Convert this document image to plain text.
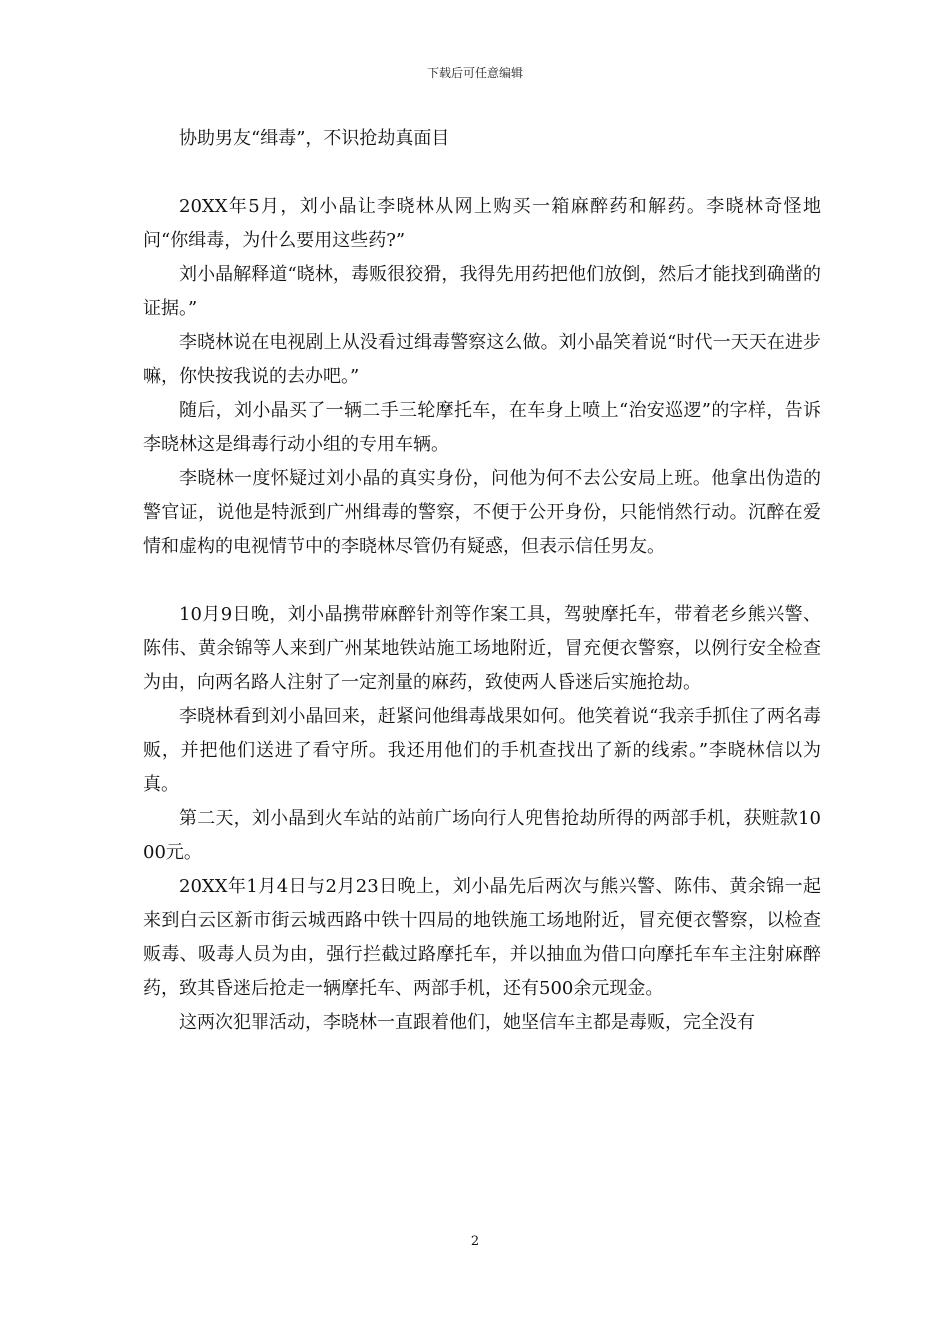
下载后可任意编辑

协助男友“缉毒”，不识抢劫真面目

20XX年5月，刘小晶让李晓林从网上购买一箱麻醉药和解药。李晓林奇怪地问“你缉毒，为什么要用这些药?”

刘小晶解释道“晓林，毒贩很狡猾，我得先用药把他们放倒，然后才能找到确凿的证据。”

李晓林说在电视剧上从没看过缉毒警察这么做。刘小晶笑着说“时代一天天在进步嘛，你快按我说的去办吧。”

随后，刘小晶买了一辆二手三轮摩托车，在车身上喷上“治安巡逻”的字样，告诉李晓林这是缉毒行动小组的专用车辆。

李晓林一度怀疑过刘小晶的真实身份，问他为何不去公安局上班。他拿出伪造的警官证，说他是特派到广州缉毒的警察，不便于公开身份，只能悄然行动。沉醉在爱情和虚构的电视情节中的李晓林尽管仍有疑惑，但表示信任男友。

10月9日晚，刘小晶携带麻醉针剂等作案工具，驾驶摩托车，带着老乡熊兴警、陈伟、黄余锦等人来到广州某地铁站施工场地附近，冒充便衣警察，以例行安全检查为由，向两名路人注射了一定剂量的麻药，致使两人昏迷后实施抢劫。

李晓林看到刘小晶回来，赶紧问他缉毒战果如何。他笑着说“我亲手抓住了两名毒贩，并把他们送进了看守所。我还用他们的手机查找出了新的线索。”李晓林信以为真。

第二天，刘小晶到火车站的站前广场向行人兜售抢劫所得的两部手机，获赃款1000元。

20XX年1月4日与2月23日晚上，刘小晶先后两次与熊兴警、陈伟、黄余锦一起来到白云区新市街云城西路中铁十四局的地铁施工场地附近，冒充便衣警察，以检查贩毒、吸毒人员为由，强行拦截过路摩托车，并以抽血为借口向摩托车车主注射麻醉药，致其昏迷后抢走一辆摩托车、两部手机，还有500余元现金。

这两次犯罪活动，李晓林一直跟着他们，她坚信车主都是毒贩，完全没有

2
